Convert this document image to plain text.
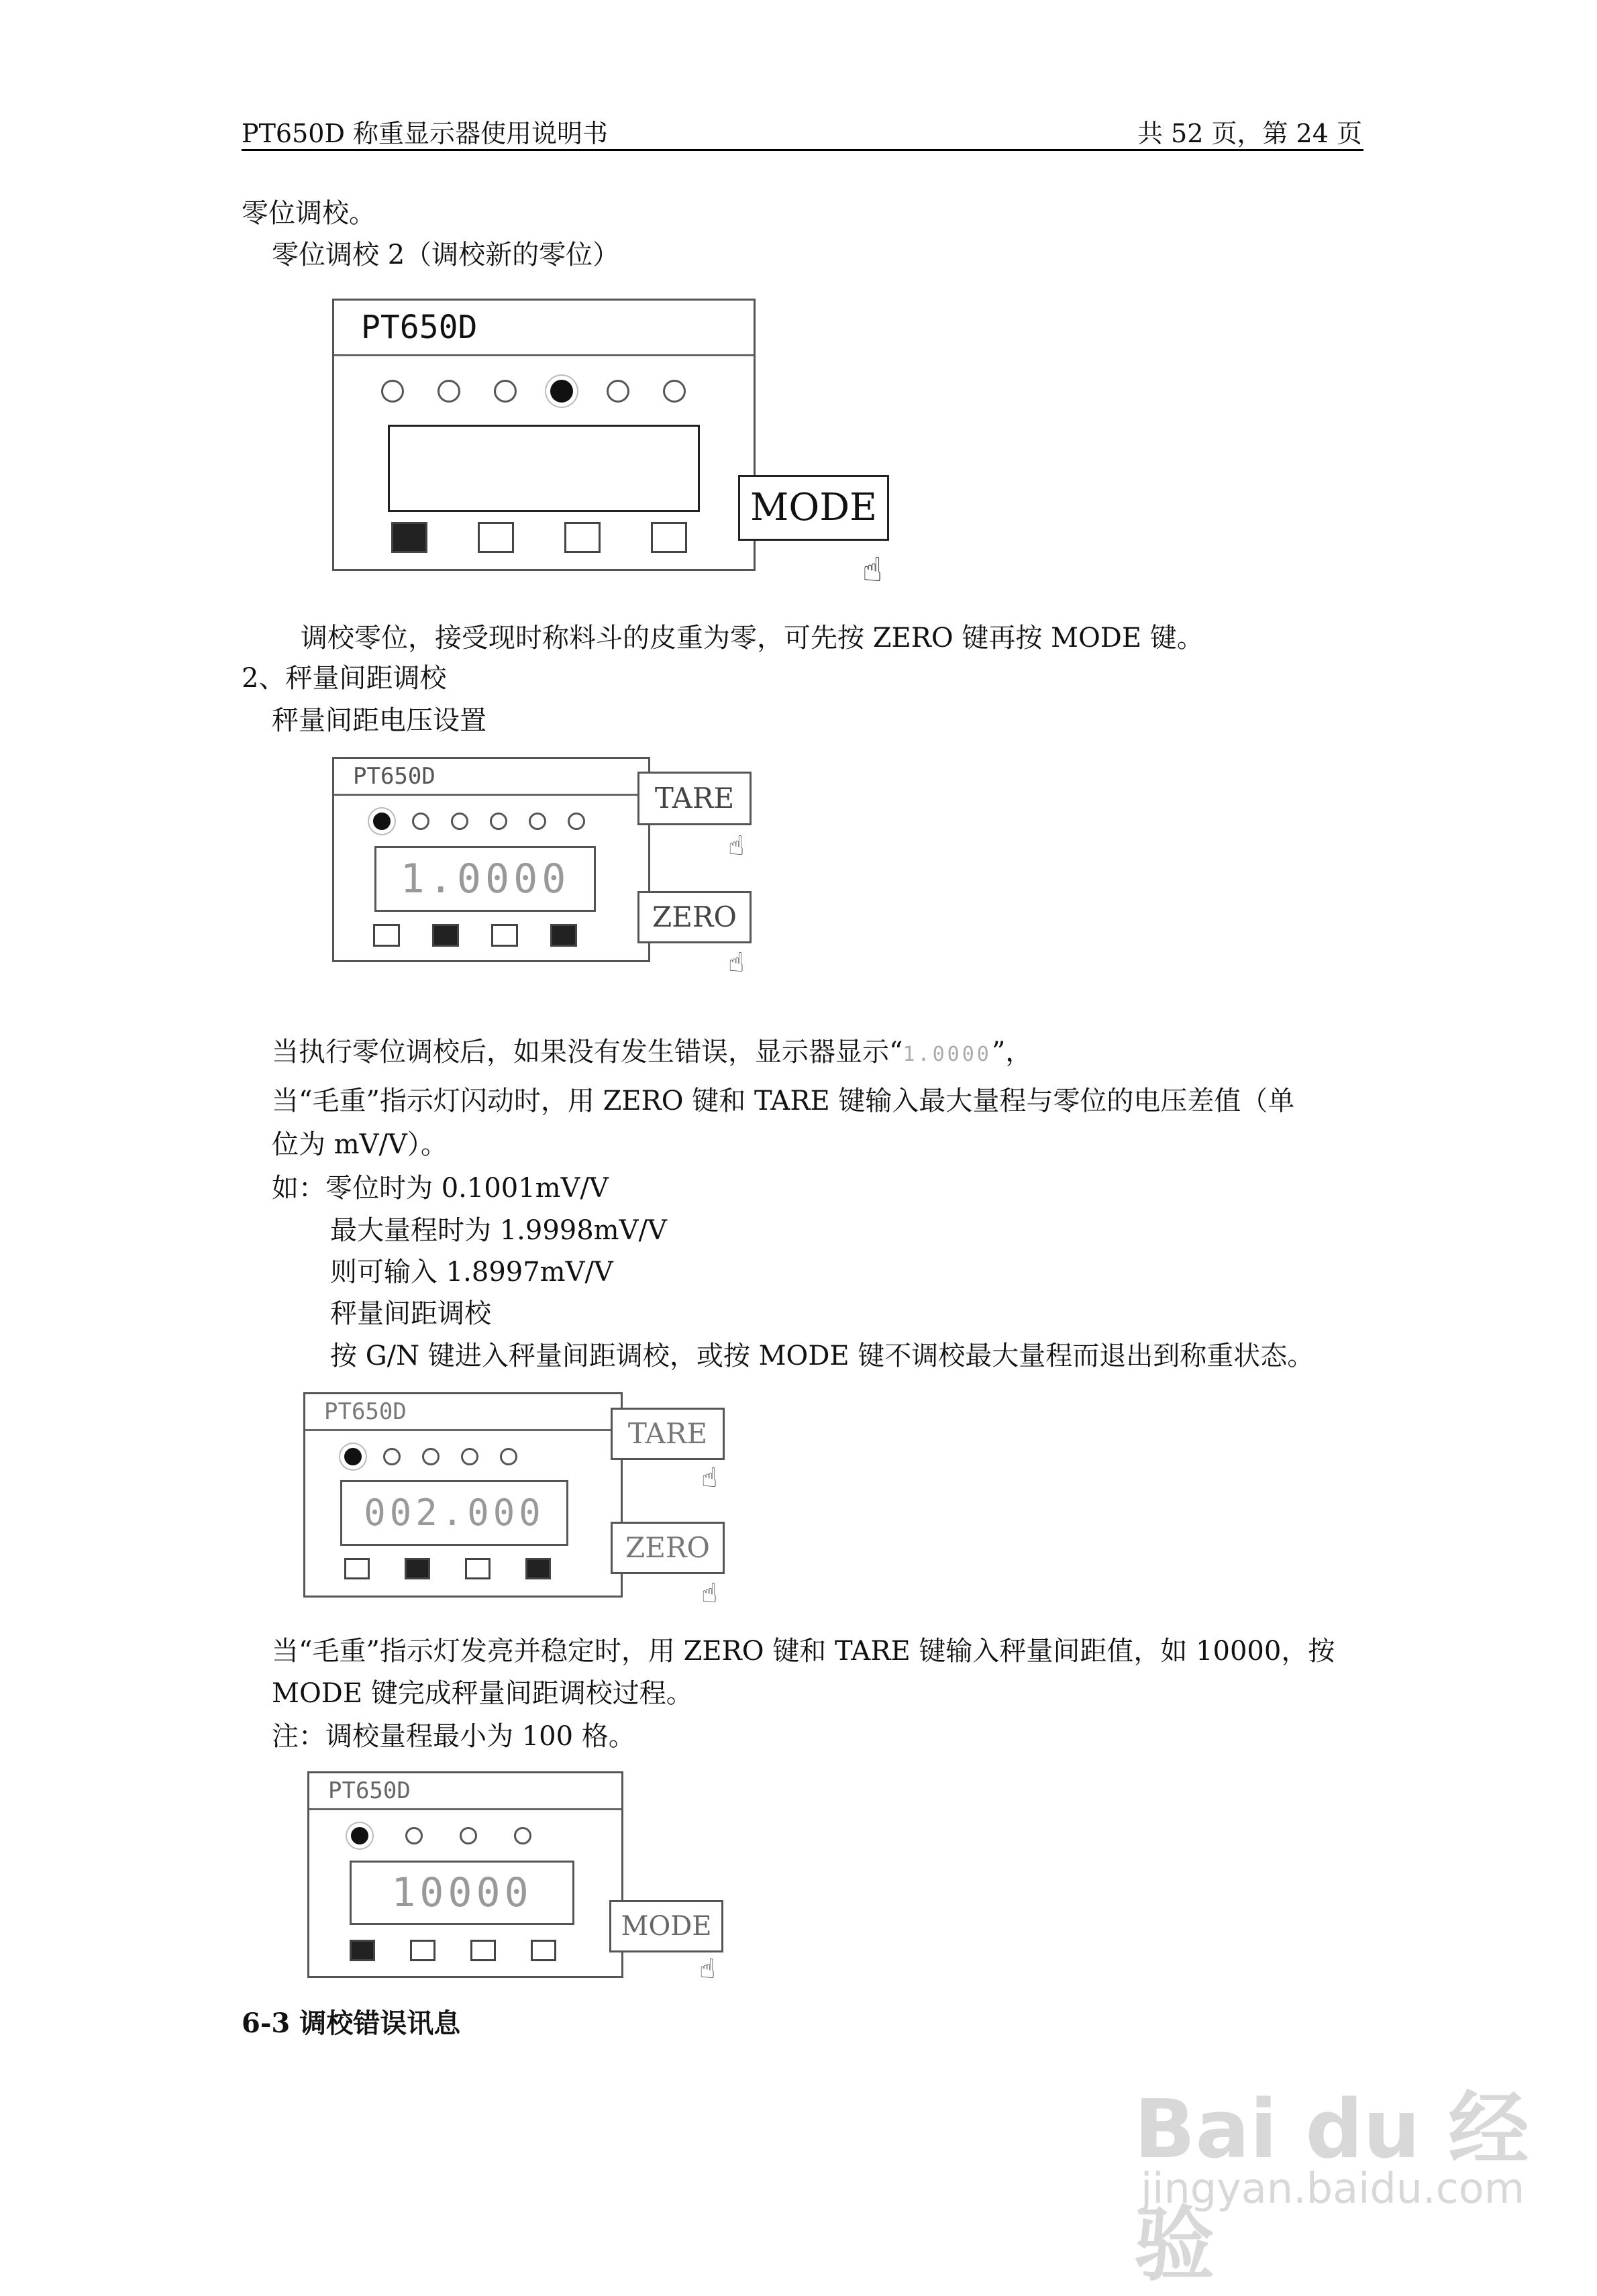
PT650D 称重显示器使用说明书	共 52 页，第 24 页
零位调校。
零位调校 2（调校新的零位）
PT650D
MODE
☝
调校零位，接受现时称料斗的皮重为零，可先按 ZERO 键再按 MODE 键。
2、秤量间距调校
秤量间距电压设置
PT650D
1.0000
TARE
☝
ZERO
☝
当执行零位调校后，如果没有发生错误，显示器显示“1.0000”，
当“毛重”指示灯闪动时，用 ZERO 键和 TARE 键输入最大量程与零位的电压差值（单
位为 mV/V）。
如：零位时为 0.1001mV/V
最大量程时为 1.9998mV/V
则可输入 1.8997mV/V
秤量间距调校
按 G/N 键进入秤量间距调校，或按 MODE 键不调校最大量程而退出到称重状态。
PT650D
002.000
TARE
☝
ZERO
☝
当“毛重”指示灯发亮并稳定时，用 ZERO 键和 TARE 键输入秤量间距值，如 10000，按
MODE 键完成秤量间距调校过程。
注：调校量程最小为 100 格。
PT650D
10000
MODE
☝
6-3 调校错误讯息
Bai du 经验
jingyan.baidu.com
